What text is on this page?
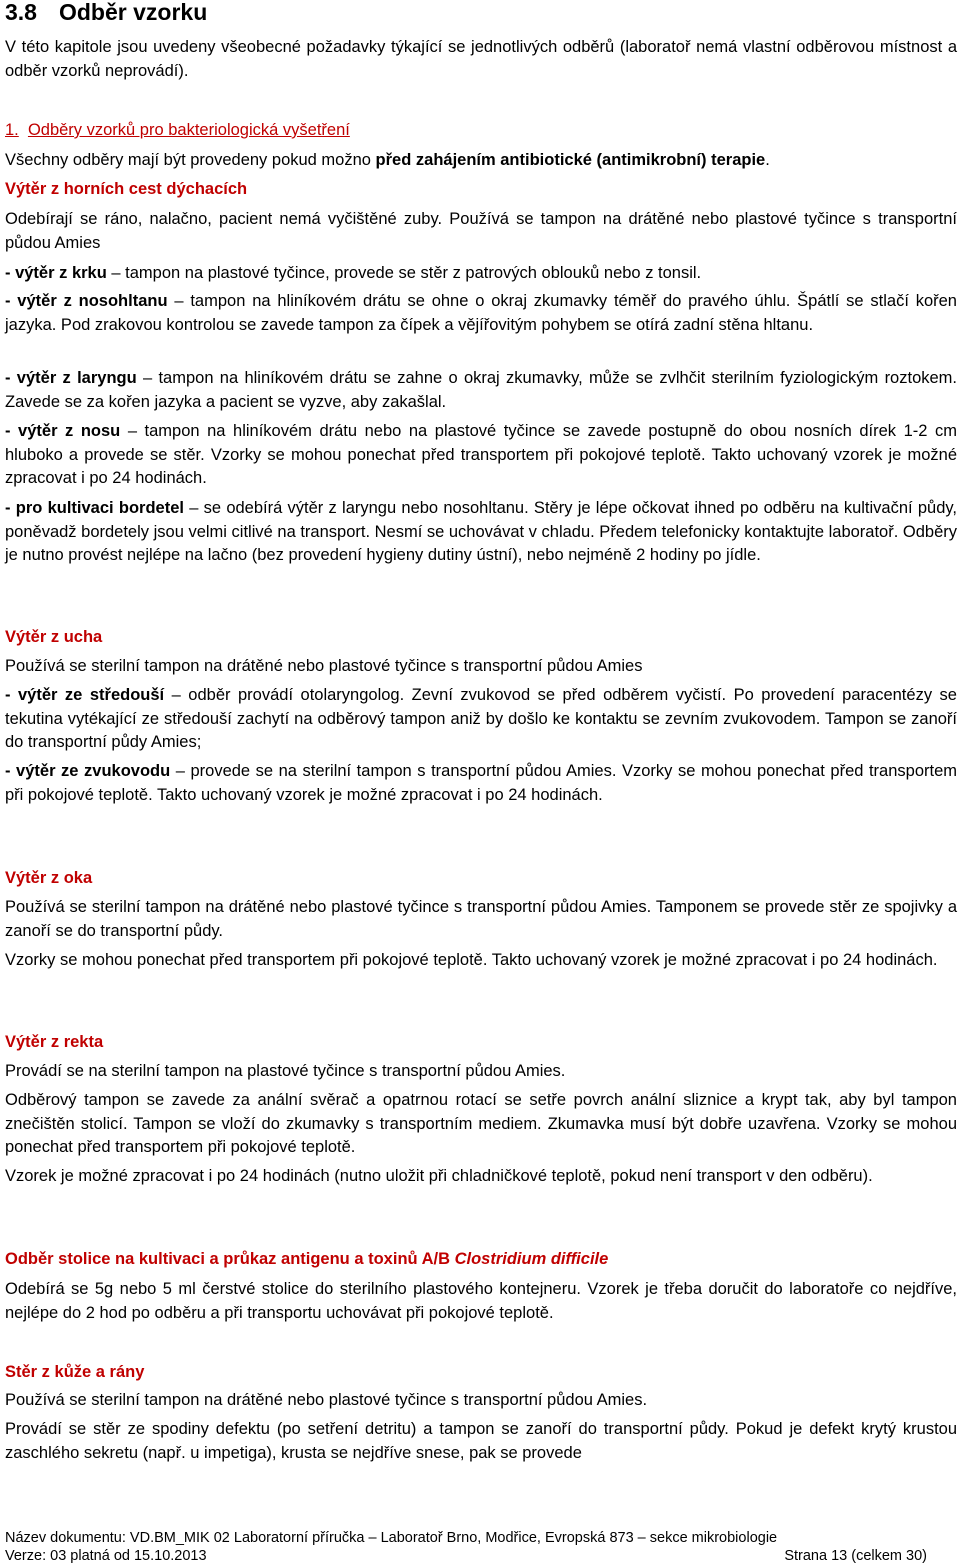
3.8 Odběr vzorku
V této kapitole jsou uvedeny všeobecné požadavky týkající se jednotlivých odběrů (laboratoř nemá vlastní odběrovou místnost a odběr vzorků neprovádí).
1. Odběry vzorků pro bakteriologická vyšetření
Všechny odběry mají být provedeny pokud možno před zahájením antibiotické (antimikrobní) terapie.
Výtěr z horních cest dýchacích
Odebírají se ráno, nalačno, pacient nemá vyčištěné zuby. Používá se tampon na drátěné nebo plastové tyčince s transportní půdou Amies
- výtěr z krku – tampon na plastové tyčince, provede se stěr z patrových oblouků nebo z tonsil.
- výtěr z nosohltanu – tampon na hliníkovém drátu se ohne o okraj zkumavky téměř do pravého úhlu. Špátlí se stlačí kořen jazyka. Pod zrakovou kontrolou se zavede tampon za čípek a vějířovitým pohybem se otírá zadní stěna hltanu.
- výtěr z laryngu – tampon na hliníkovém drátu se zahne o okraj zkumavky, může se zvlhčit sterilním fyziologickým roztokem. Zavede se za kořen jazyka a pacient se vyzve, aby zakašlal.
- výtěr z nosu – tampon na hliníkovém drátu nebo na plastové tyčince se zavede postupně do obou nosních dírek 1-2 cm hluboko a provede se stěr. Vzorky se mohou ponechat před transportem při pokojové teplotě. Takto uchovaný vzorek je možné zpracovat i po 24 hodinách.
- pro kultivaci bordetel – se odebírá výtěr z laryngu nebo nosohltanu. Stěry je lépe očkovat ihned po odběru na kultivační půdy, poněvadž bordetely jsou velmi citlivé na transport. Nesmí se uchovávat v chladu. Předem telefonicky kontaktujte laboratoř. Odběry je nutno provést nejlépe na lačno (bez provedení hygieny dutiny ústní), nebo nejméně 2 hodiny po jídle.
Výtěr z ucha
Používá se sterilní tampon na drátěné nebo plastové tyčince s transportní půdou Amies
- výtěr ze středouší – odběr provádí otolaryngolog. Zevní zvukovod se před odběrem vyčistí. Po provedení paracentézy se tekutina vytékající ze středouší zachytí na odběrový tampon aniž by došlo ke kontaktu se zevním zvukovodem. Tampon se zanoří do transportní půdy Amies;
- výtěr ze zvukovodu – provede se na sterilní tampon s transportní půdou Amies. Vzorky se mohou ponechat před transportem při pokojové teplotě. Takto uchovaný vzorek je možné zpracovat i po 24 hodinách.
Výtěr z oka
Používá se sterilní tampon na drátěné nebo plastové tyčince s transportní půdou Amies. Tamponem se provede stěr ze spojivky a zanoří se do transportní půdy.
Vzorky se mohou ponechat před transportem při pokojové teplotě. Takto uchovaný vzorek je možné zpracovat i po 24 hodinách.
Výtěr z rekta
Provádí se na sterilní tampon na plastové tyčince s transportní půdou Amies.
Odběrový tampon se zavede za anální svěrač a opatrnou rotací se setře povrch anální sliznice a krypt tak, aby byl tampon znečištěn stolicí. Tampon se vloží do zkumavky s transportním mediem. Zkumavka musí být dobře uzavřena. Vzorky se mohou ponechat před transportem při pokojové teplotě.
Vzorek je možné zpracovat i po 24 hodinách (nutno uložit při chladničkové teplotě, pokud není transport v den odběru).
Odběr stolice na kultivaci a průkaz antigenu a toxinů A/B Clostridium difficile
Odebírá se 5g nebo 5 ml čerstvé stolice do sterilního plastového kontejneru. Vzorek je třeba doručit do laboratoře co nejdříve, nejlépe do 2 hod po odběru a při transportu uchovávat při pokojové teplotě.
Stěr z kůže a rány
Používá se sterilní tampon na drátěné nebo plastové tyčince s transportní půdou Amies.
Provádí se stěr ze spodiny defektu (po setření detritu) a tampon se zanoří do transportní půdy. Pokud je defekt krytý krustou zaschlého sekretu (např. u impetiga), krusta se nejdříve snese, pak se provede
Název dokumentu: VD.BM_MIK 02 Laboratorní příručka – Laboratoř Brno, Modřice, Evropská 873 – sekce mikrobiologie
Verze: 03 platná od 15.10.2013	Strana 13 (celkem 30)
